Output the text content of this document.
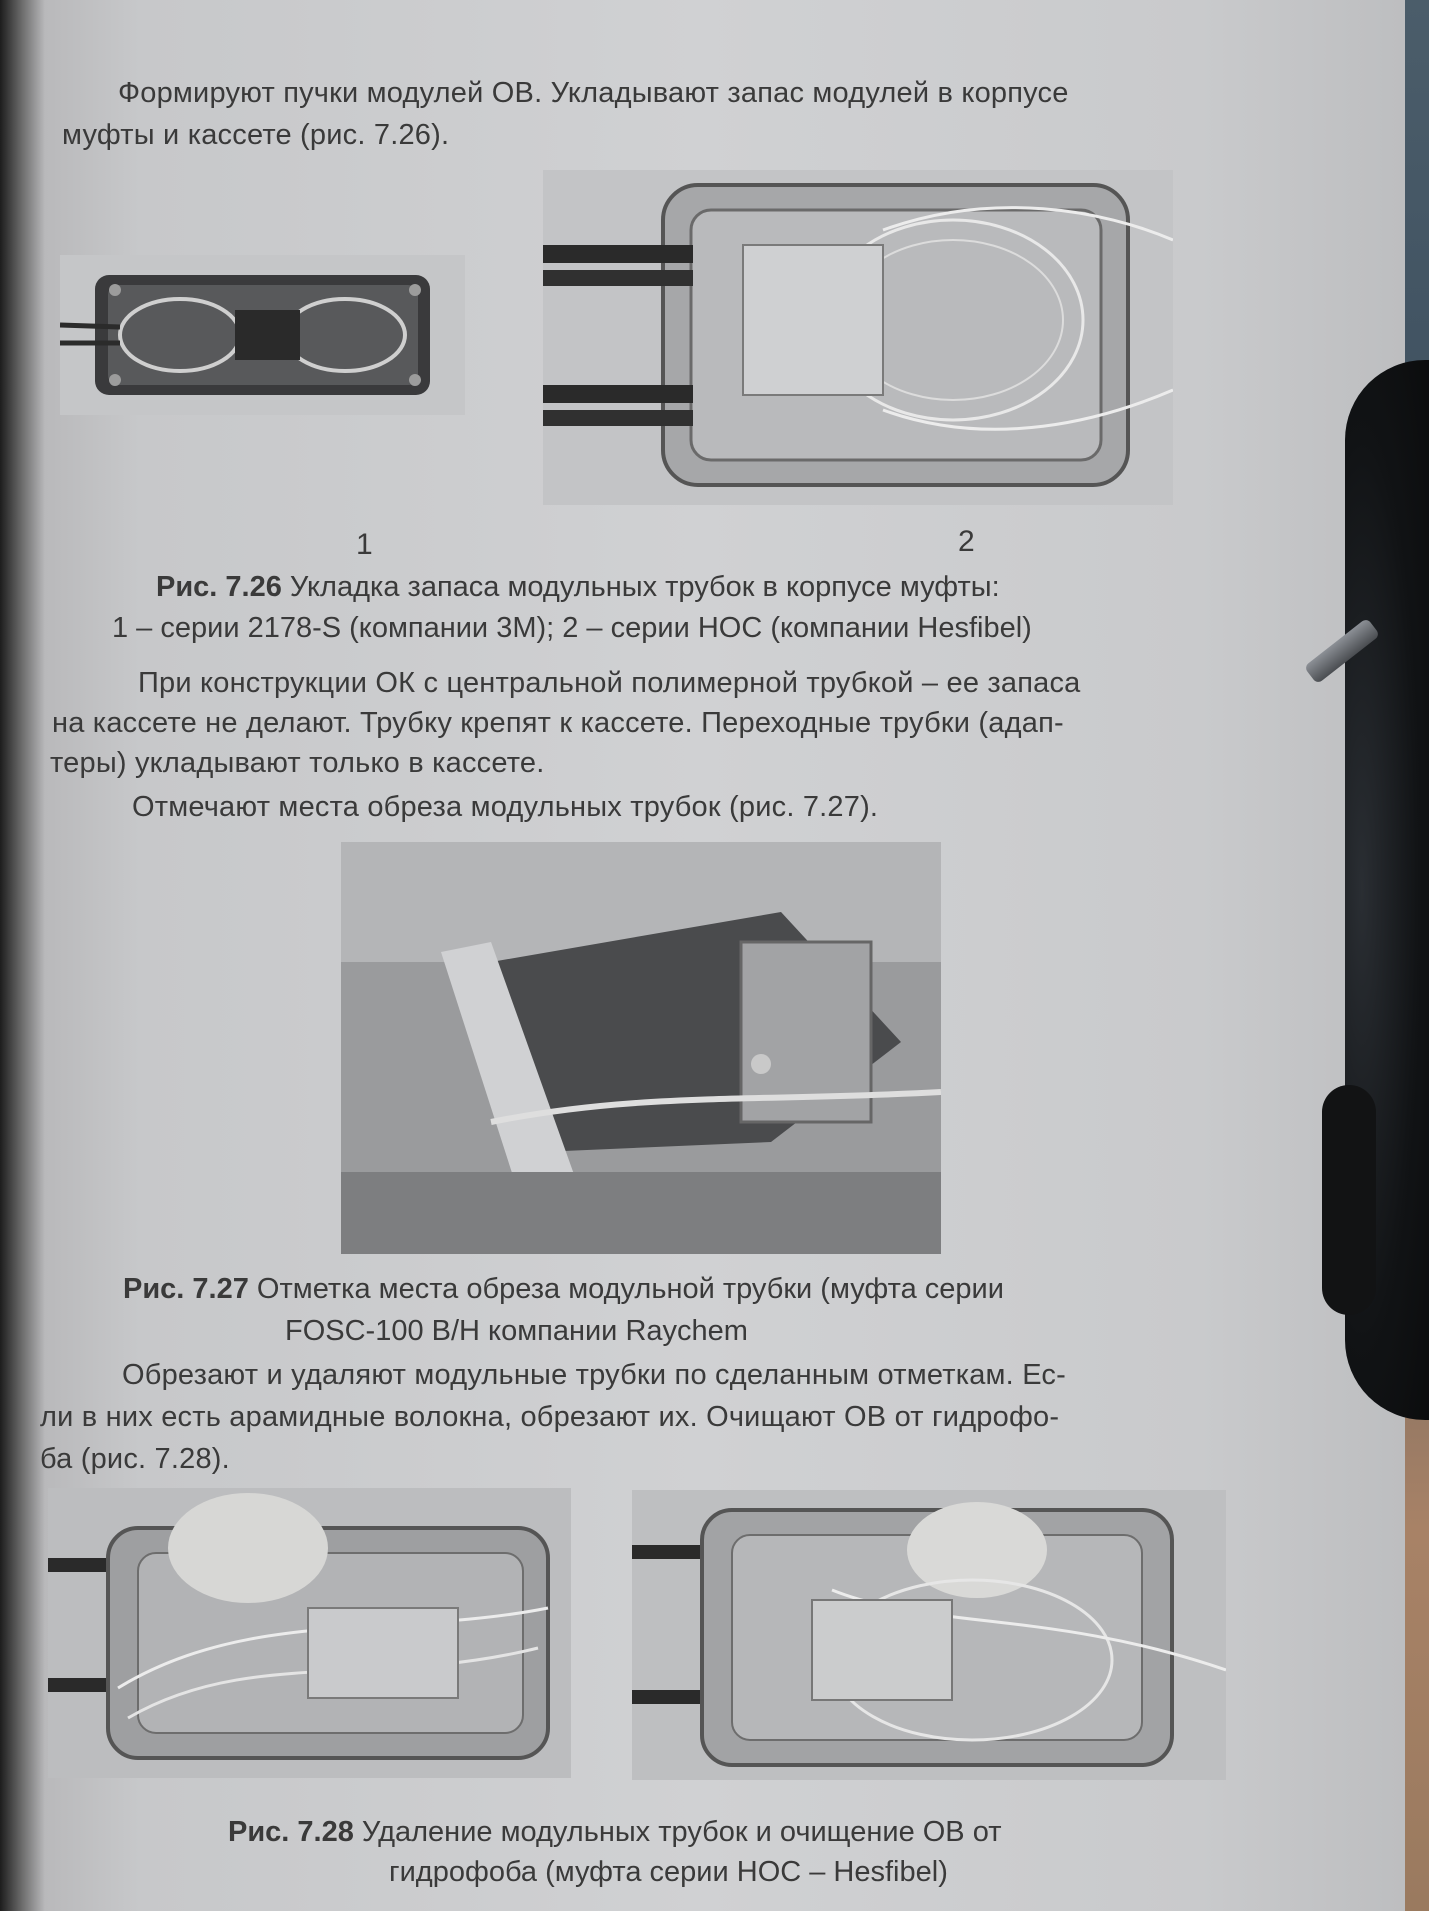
Формируют пучки модулей ОВ. Укладывают запас модулей в корпусе
муфты и кассете (рис. 7.26).
1	2
Рис. 7.26 Укладка запаса модульных трубок в корпусе муфты:
1 – серии 2178-S (компании 3М); 2 – серии НОС (компании Hesfibel)
При конструкции ОК с центральной полимерной трубкой – ее запаса
на кассете не делают. Трубку крепят к кассете. Переходные трубки (адап-
теры) укладывают только в кассете.
Отмечают места обреза модульных трубок (рис. 7.27).
Рис. 7.27 Отметка места обреза модульной трубки (муфта серии
FOSC-100 B/H компании Raychem
Обрезают и удаляют модульные трубки по сделанным отметкам. Ес-
ли в них есть арамидные волокна, обрезают их. Очищают ОВ от гидрофо-
ба (рис. 7.28).
Рис. 7.28 Удаление модульных трубок и очищение ОВ от
гидрофоба (муфта серии НОС – Hesfibel)
